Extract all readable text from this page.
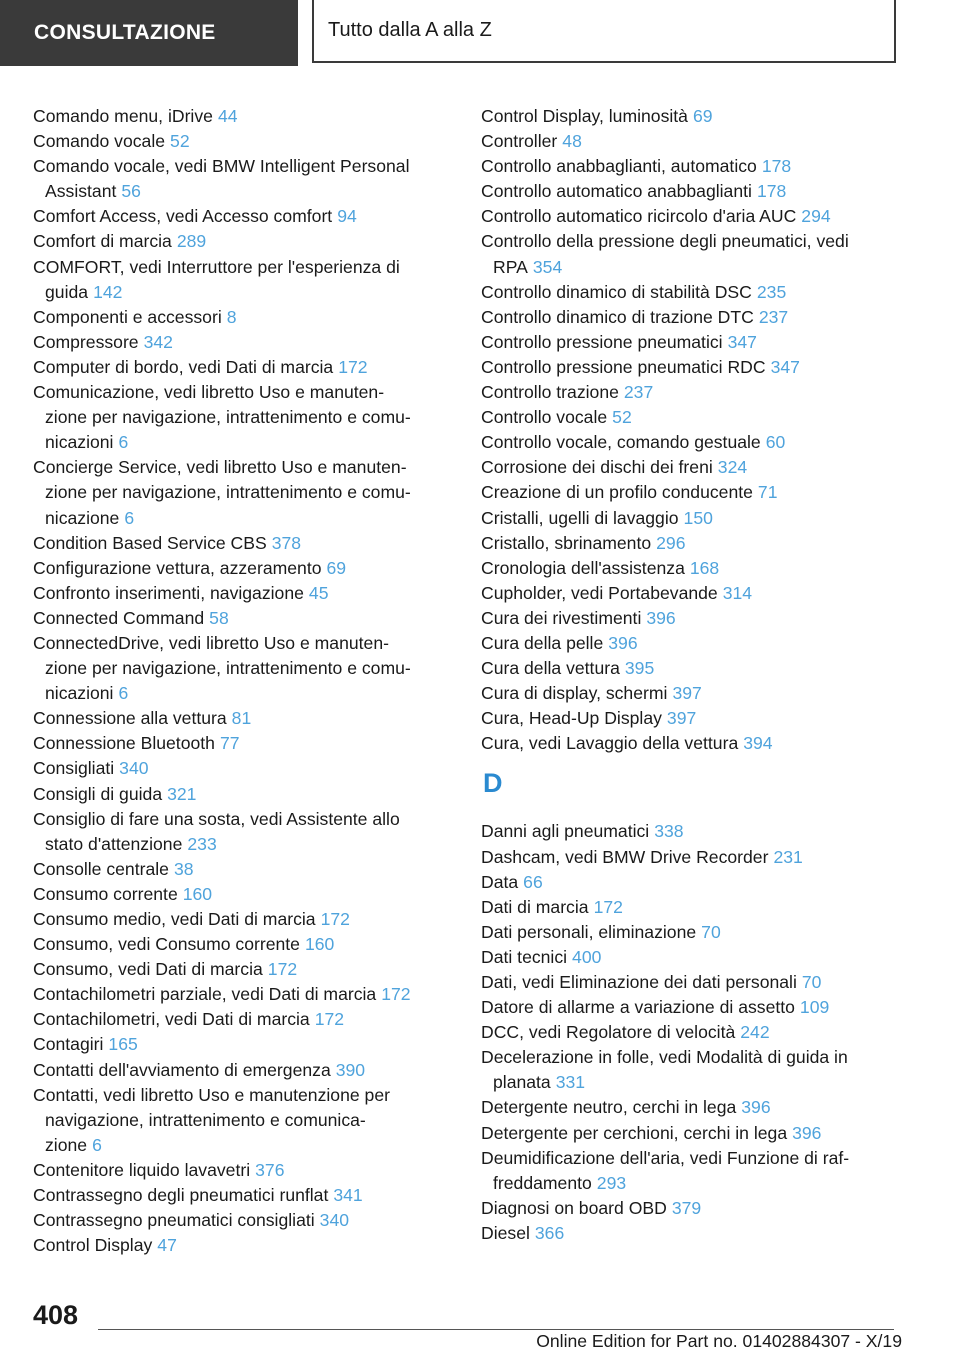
CONSULTAZIONE	Tutto dalla A alla Z
Comando menu, iDrive 44
Comando vocale 52
Comando vocale, vedi BMW Intelligent Personal
Assistant 56
Comfort Access, vedi Accesso comfort 94
Comfort di marcia 289
COMFORT, vedi Interruttore per l'esperienza di
guida 142
Componenti e accessori 8
Compressore 342
Computer di bordo, vedi Dati di marcia 172
Comunicazione, vedi libretto Uso e manuten-
zione per navigazione, intrattenimento e comu-
nicazioni 6
Concierge Service, vedi libretto Uso e manuten-
zione per navigazione, intrattenimento e comu-
nicazione 6
Condition Based Service CBS 378
Configurazione vettura, azzeramento 69
Confronto inserimenti, navigazione 45
Connected Command 58
ConnectedDrive, vedi libretto Uso e manuten-
zione per navigazione, intrattenimento e comu-
nicazioni 6
Connessione alla vettura 81
Connessione Bluetooth 77
Consigliati 340
Consigli di guida 321
Consiglio di fare una sosta, vedi Assistente allo
stato d'attenzione 233
Consolle centrale 38
Consumo corrente 160
Consumo medio, vedi Dati di marcia 172
Consumo, vedi Consumo corrente 160
Consumo, vedi Dati di marcia 172
Contachilometri parziale, vedi Dati di marcia 172
Contachilometri, vedi Dati di marcia 172
Contagiri 165
Contatti dell'avviamento di emergenza 390
Contatti, vedi libretto Uso e manutenzione per
navigazione, intrattenimento e comunica-
zione 6
Contenitore liquido lavavetri 376
Contrassegno degli pneumatici runflat 341
Contrassegno pneumatici consigliati 340
Control Display 47
Control Display, luminosità 69
Controller 48
Controllo anabbaglianti, automatico 178
Controllo automatico anabbaglianti 178
Controllo automatico ricircolo d'aria AUC 294
Controllo della pressione degli pneumatici, vedi
RPA 354
Controllo dinamico di stabilità DSC 235
Controllo dinamico di trazione DTC 237
Controllo pressione pneumatici 347
Controllo pressione pneumatici RDC 347
Controllo trazione 237
Controllo vocale 52
Controllo vocale, comando gestuale 60
Corrosione dei dischi dei freni 324
Creazione di un profilo conducente 71
Cristalli, ugelli di lavaggio 150
Cristallo, sbrinamento 296
Cronologia dell'assistenza 168
Cupholder, vedi Portabevande 314
Cura dei rivestimenti 396
Cura della pelle 396
Cura della vettura 395
Cura di display, schermi 397
Cura, Head-Up Display 397
Cura, vedi Lavaggio della vettura 394
D
Danni agli pneumatici 338
Dashcam, vedi BMW Drive Recorder 231
Data 66
Dati di marcia 172
Dati personali, eliminazione 70
Dati tecnici 400
Dati, vedi Eliminazione dei dati personali 70
Datore di allarme a variazione di assetto 109
DCC, vedi Regolatore di velocità 242
Decelerazione in folle, vedi Modalità di guida in
planata 331
Detergente neutro, cerchi in lega 396
Detergente per cerchioni, cerchi in lega 396
Deumidificazione dell'aria, vedi Funzione di raf-
freddamento 293
Diagnosi on board OBD 379
Diesel 366
408
Online Edition for Part no. 01402884307 - X/19
